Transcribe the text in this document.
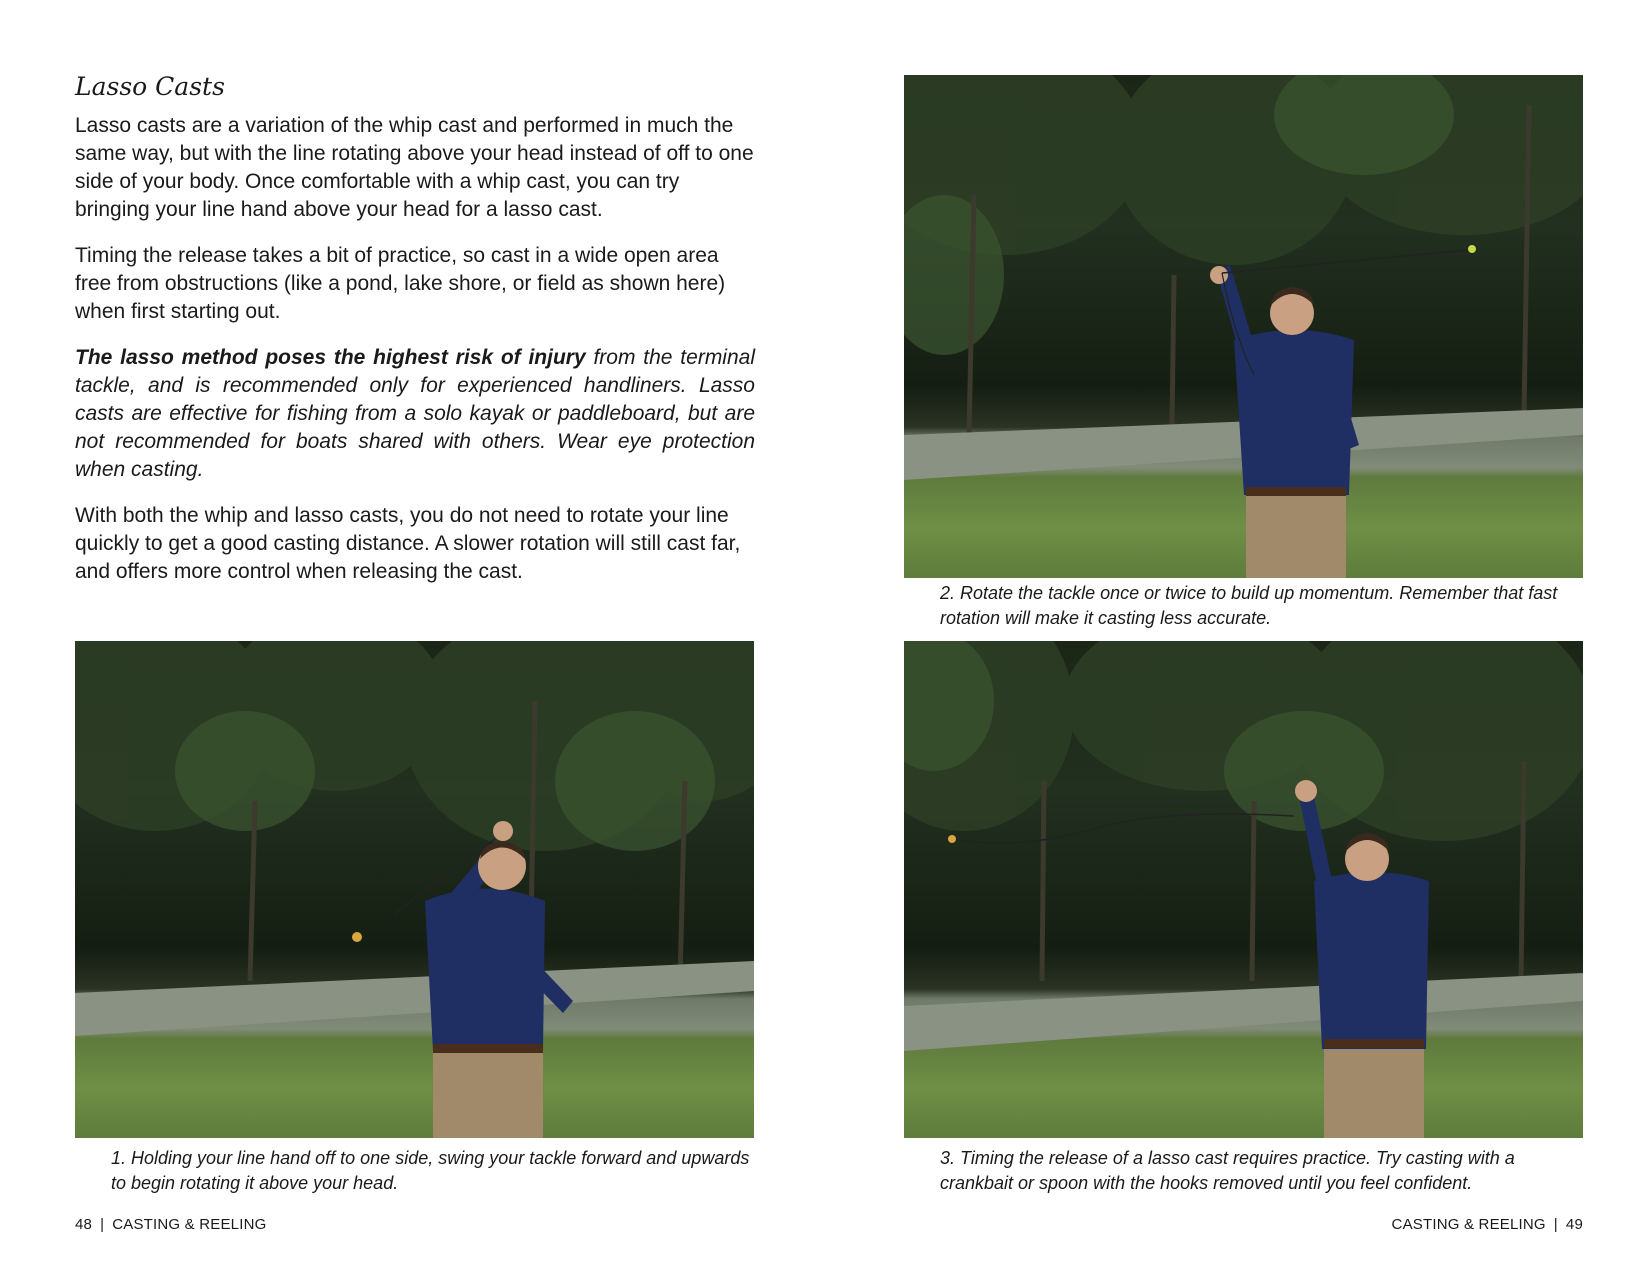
Lasso Casts

Lasso casts are a variation of the whip cast and performed in much the same way, but with the line rotating above your head instead of off to one side of your body. Once comfortable with a whip cast, you can try bringing your line hand above your head for a lasso cast.

Timing the release takes a bit of practice, so cast in a wide open area free from obstructions (like a pond, lake shore, or field as shown here) when first starting out.

The lasso method poses the highest risk of injury from the terminal tackle, and is recommended only for experienced handliners. Lasso casts are effective for fishing from a solo kayak or paddleboard, but are not recommended for boats shared with others. Wear eye protection when casting.

With both the whip and lasso casts, you do not need to rotate your line quickly to get a good casting distance. A slower rotation will still cast far, and offers more control when releasing the cast.

1. Holding your line hand off to one side, swing your tackle forward and upwards to begin rotating it above your head.
48 | CASTING & REELING
2. Rotate the tackle once or twice to build up momentum. Remember that fast rotation will make it casting less accurate.
3. Timing the release of a lasso cast requires practice. Try casting with a crankbait or spoon with the hooks removed until you feel confident.
CASTING & REELING | 49
